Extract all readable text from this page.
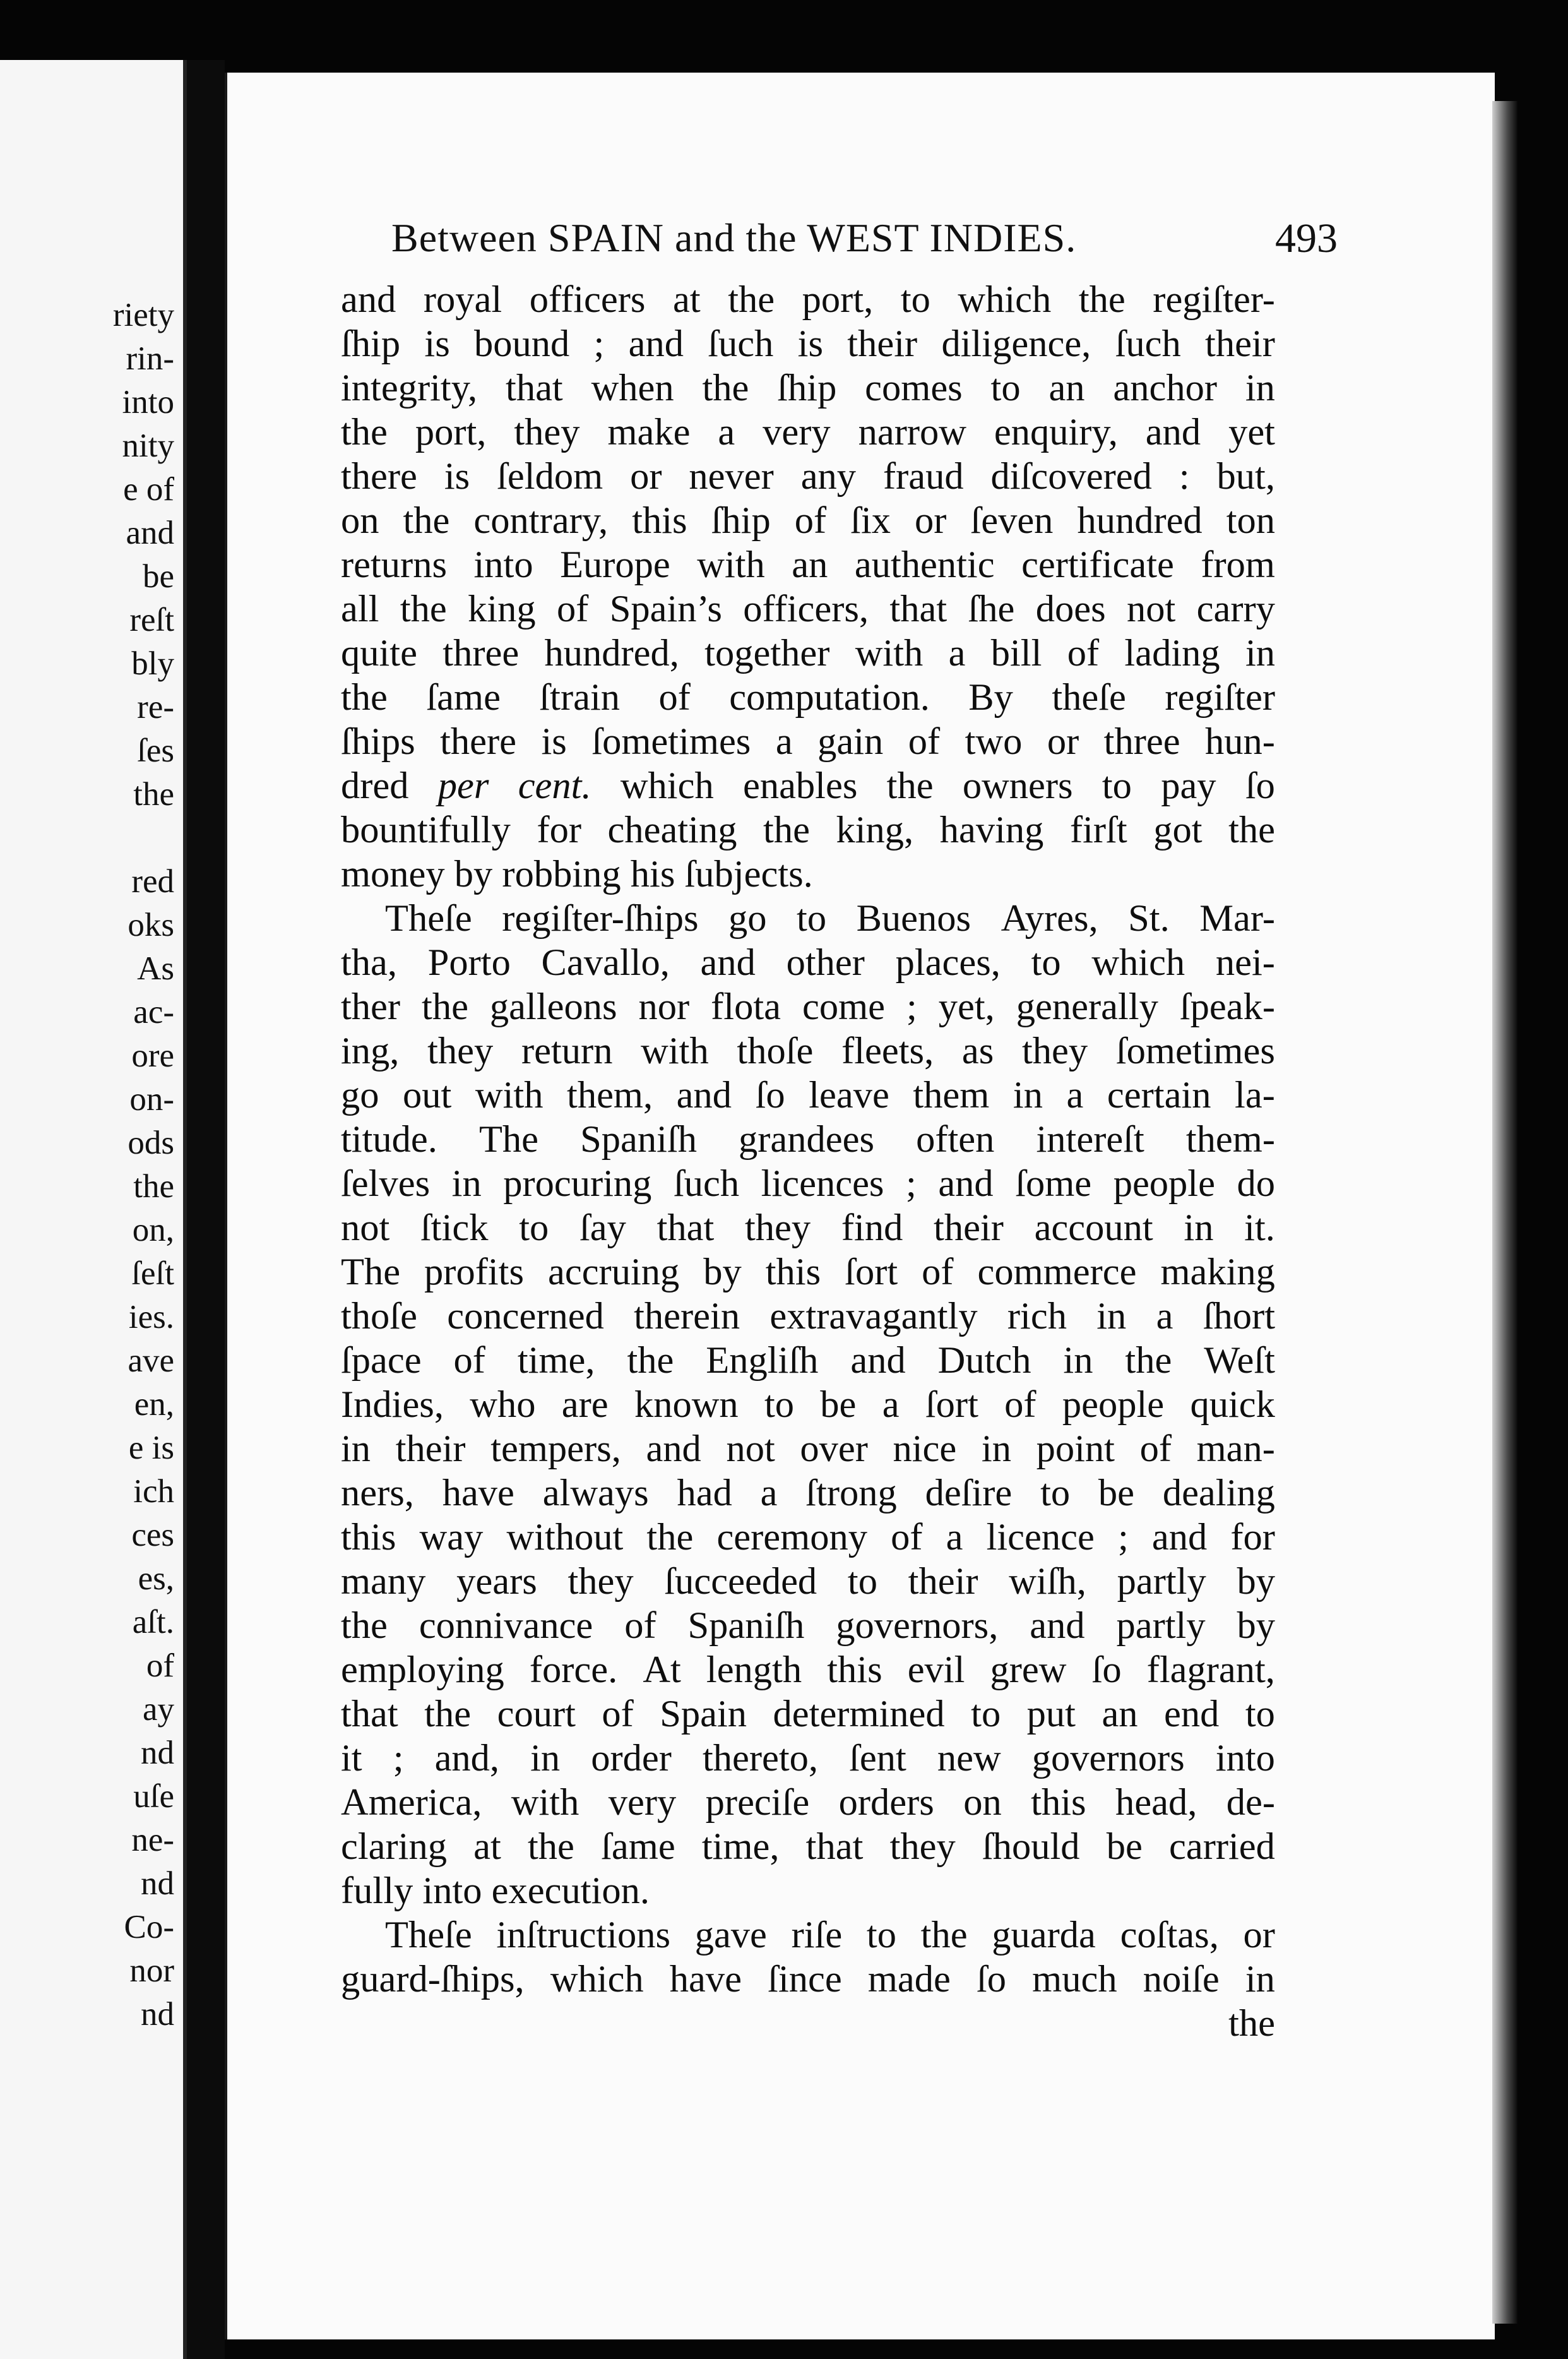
riety
rin-
into
nity
e of
and
be
reſt
bly
re-
ſes
the
red
oks
As
ac-
ore
on-
ods
the
on,
ſeſt
ies.
ave
en,
e is
ich
ces
es,
aſt.
of
ay
nd
uſe
ne-
nd
Co-
nor
nd
Between SPAIN and the WEST INDIES.	493
and royal officers at the port, to which the regiſter-
ſhip is bound ; and ſuch is their diligence, ſuch their
integrity, that when the ſhip comes to an anchor in
the port, they make a very narrow enquiry, and yet
there is ſeldom or never any fraud diſcovered : but,
on the contrary, this ſhip of ſix or ſeven hundred ton
returns into Europe with an authentic certificate from
all the king of Spain’s officers, that ſhe does not carry
quite three hundred, together with a bill of lading in
the ſame ſtrain of computation. By theſe regiſter
ſhips there is ſometimes a gain of two or three hun-
dred per cent. which enables the owners to pay ſo
bountifully for cheating the king, having firſt got the
money by robbing his ſubjects.
Theſe regiſter-ſhips go to Buenos Ayres, St. Mar-
tha, Porto Cavallo, and other places, to which nei-
ther the galleons nor flota come ; yet, generally ſpeak-
ing, they return with thoſe fleets, as they ſometimes
go out with them, and ſo leave them in a certain la-
titude. The Spaniſh grandees often intereſt them-
ſelves in procuring ſuch licences ; and ſome people do
not ſtick to ſay that they find their account in it.
The profits accruing by this ſort of commerce making
thoſe concerned therein extravagantly rich in a ſhort
ſpace of time, the Engliſh and Dutch in the Weſt
Indies, who are known to be a ſort of people quick
in their tempers, and not over nice in point of man-
ners, have always had a ſtrong deſire to be dealing
this way without the ceremony of a licence ; and for
many years they ſucceeded to their wiſh, partly by
the connivance of Spaniſh governors, and partly by
employing force. At length this evil grew ſo flagrant,
that the court of Spain determined to put an end to
it ; and, in order thereto, ſent new governors into
America, with very preciſe orders on this head, de-
claring at the ſame time, that they ſhould be carried
fully into execution.
Theſe inſtructions gave riſe to the guarda coſtas, or
guard-ſhips, which have ſince made ſo much noiſe in
the
